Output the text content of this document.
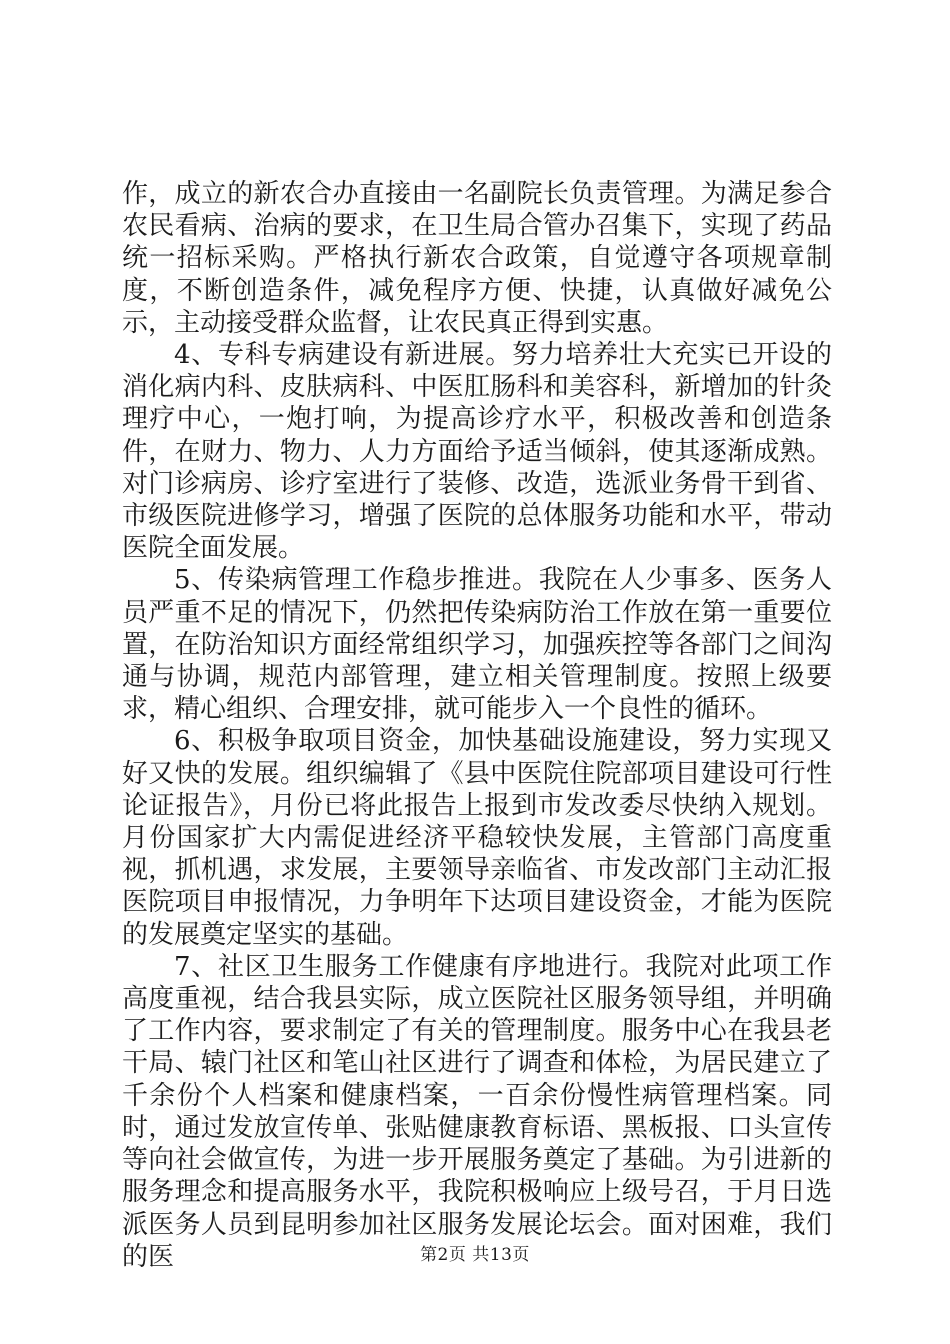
作，成立的新农合办直接由一名副院长负责管理。为满足参合农民看病、治病的要求，在卫生局合管办召集下，实现了药品统一招标采购。严格执行新农合政策，自觉遵守各项规章制度，不断创造条件，减免程序方便、快捷，认真做好减免公示，主动接受群众监督，让农民真正得到实惠。

4、专科专病建设有新进展。努力培养壮大充实已开设的消化病内科、皮肤病科、中医肛肠科和美容科，新增加的针灸理疗中心，一炮打响，为提高诊疗水平，积极改善和创造条件，在财力、物力、人力方面给予适当倾斜，使其逐渐成熟。对门诊病房、诊疗室进行了装修、改造，选派业务骨干到省、市级医院进修学习，增强了医院的总体服务功能和水平，带动医院全面发展。

5、传染病管理工作稳步推进。我院在人少事多、医务人员严重不足的情况下，仍然把传染病防治工作放在第一重要位置，在防治知识方面经常组织学习，加强疾控等各部门之间沟通与协调，规范内部管理，建立相关管理制度。按照上级要求，精心组织、合理安排，就可能步入一个良性的循环。

6、积极争取项目资金，加快基础设施建设，努力实现又好又快的发展。组织编辑了《县中医院住院部项目建设可行性论证报告》，月份已将此报告上报到市发改委尽快纳入规划。月份国家扩大内需促进经济平稳较快发展，主管部门高度重视，抓机遇，求发展，主要领导亲临省、市发改部门主动汇报医院项目申报情况，力争明年下达项目建设资金，才能为医院的发展奠定坚实的基础。

7、社区卫生服务工作健康有序地进行。我院对此项工作高度重视，结合我县实际，成立医院社区服务领导组，并明确了工作内容，要求制定了有关的管理制度。服务中心在我县老干局、辕门社区和笔山社区进行了调查和体检，为居民建立了千余份个人档案和健康档案，一百余份慢性病管理档案。同时，通过发放宣传单、张贴健康教育标语、黑板报、口头宣传等向社会做宣传，为进一步开展服务奠定了基础。为引进新的服务理念和提高服务水平，我院积极响应上级号召，于月日选派医务人员到昆明参加社区服务发展论坛会。面对困难，我们的医	第2页 共13页
